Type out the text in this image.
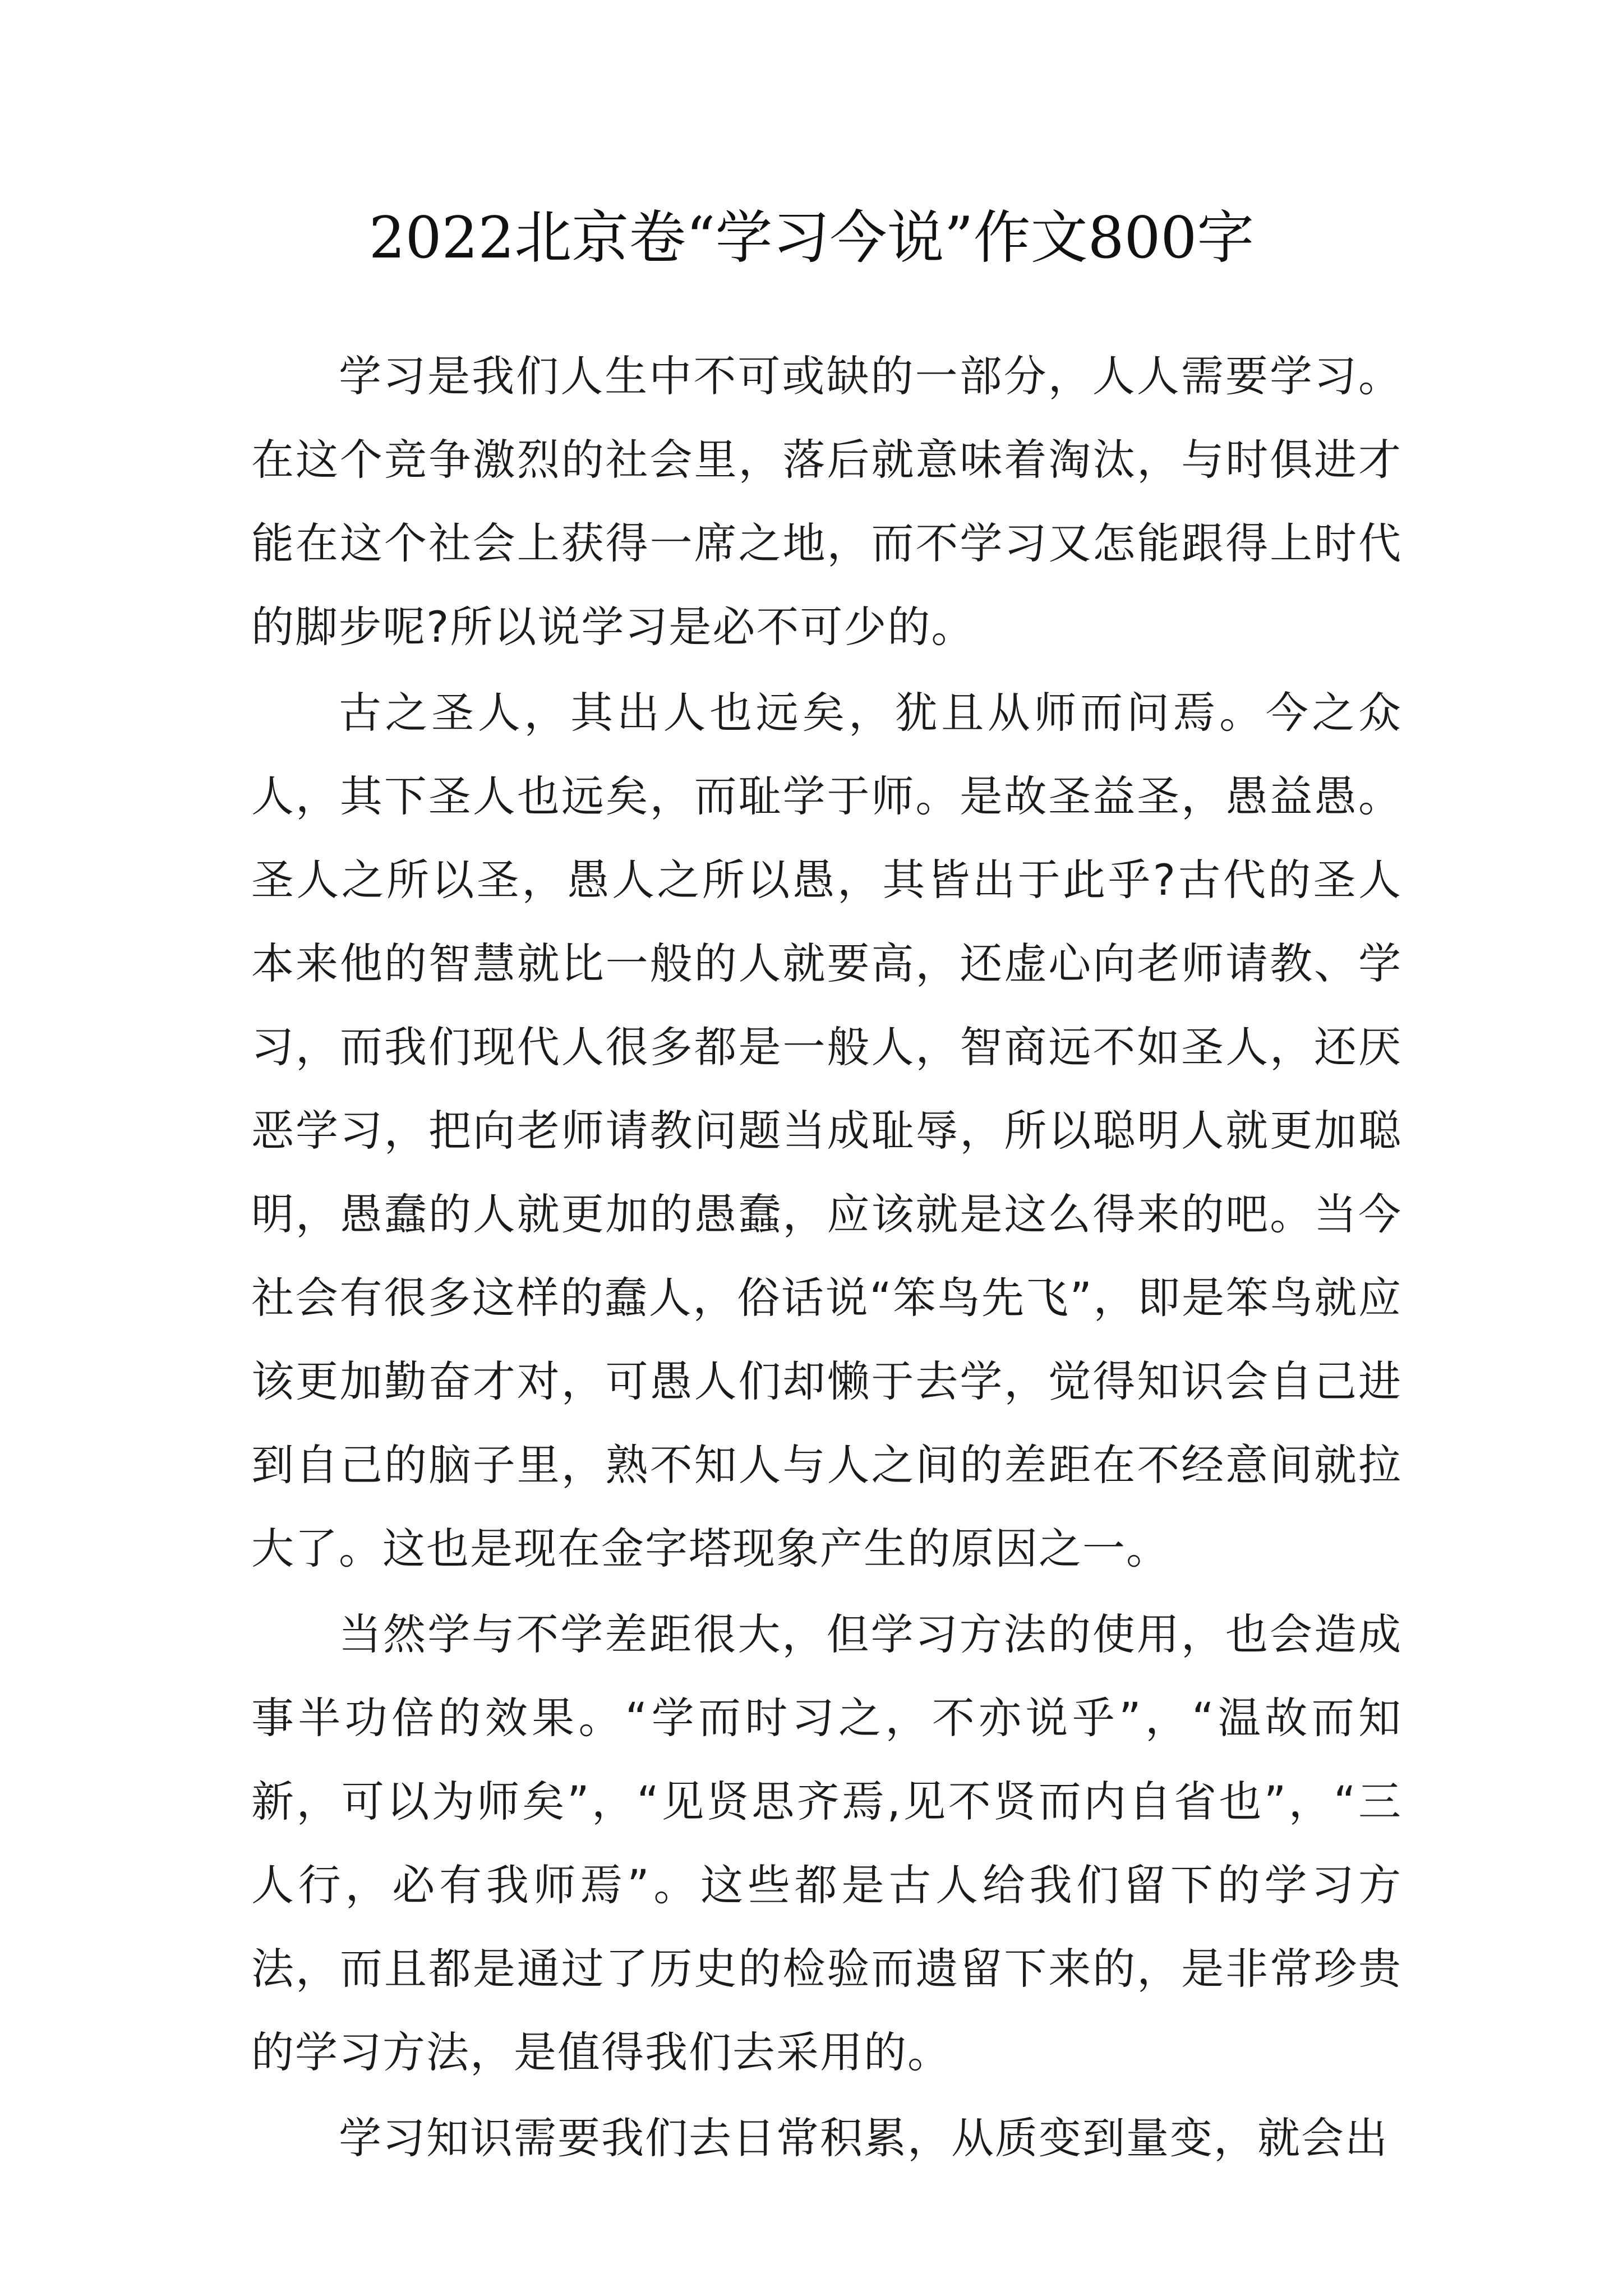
2022北京卷“学习今说”作文800字

学习是我们人生中不可或缺的一部分，人人需要学习。在这个竞争激烈的社会里，落后就意味着淘汰，与时俱进才能在这个社会上获得一席之地，而不学习又怎能跟得上时代的脚步呢?所以说学习是必不可少的。

古之圣人，其出人也远矣，犹且从师而问焉。今之众人，其下圣人也远矣，而耻学于师。是故圣益圣，愚益愚。圣人之所以圣，愚人之所以愚，其皆出于此乎?古代的圣人本来他的智慧就比一般的人就要高，还虚心向老师请教、学习，而我们现代人很多都是一般人，智商远不如圣人，还厌恶学习，把向老师请教问题当成耻辱，所以聪明人就更加聪明，愚蠢的人就更加的愚蠢，应该就是这么得来的吧。当今社会有很多这样的蠢人，俗话说“笨鸟先飞”，即是笨鸟就应该更加勤奋才对，可愚人们却懒于去学，觉得知识会自己进到自己的脑子里，熟不知人与人之间的差距在不经意间就拉大了。这也是现在金字塔现象产生的原因之一。

当然学与不学差距很大，但学习方法的使用，也会造成事半功倍的效果。“学而时习之，不亦说乎”，“温故而知新，可以为师矣”，“见贤思齐焉,见不贤而内自省也”，“三人行，必有我师焉”。这些都是古人给我们留下的学习方法，而且都是通过了历史的检验而遗留下来的，是非常珍贵的学习方法，是值得我们去采用的。

学习知识需要我们去日常积累，从质变到量变，就会出
